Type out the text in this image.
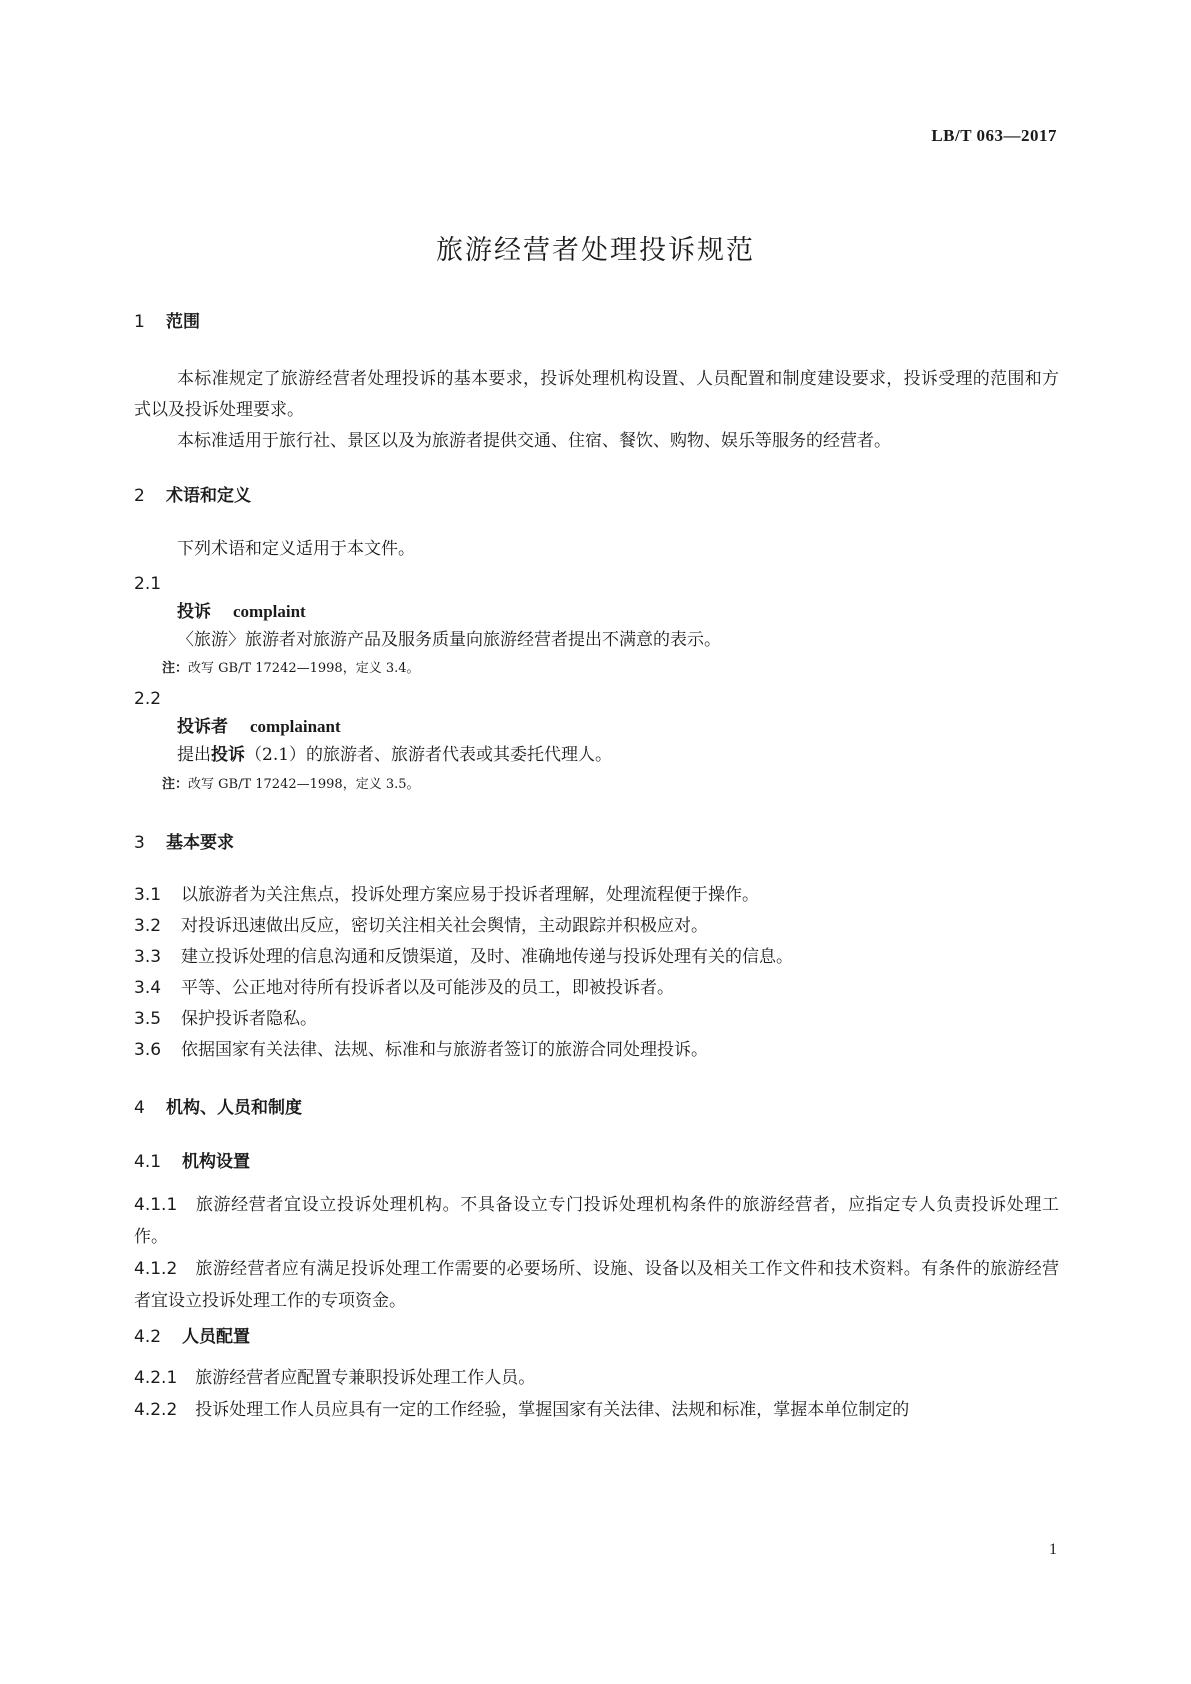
LB/T 063—2017

旅游经营者处理投诉规范

1 范围

本标准规定了旅游经营者处理投诉的基本要求，投诉处理机构设置、人员配置和制度建设要求，投诉受理的范围和方式以及投诉处理要求。

本标准适用于旅行社、景区以及为旅游者提供交通、住宿、餐饮、购物、娱乐等服务的经营者。

2 术语和定义

下列术语和定义适用于本文件。

2.1

投诉 complaint

〈旅游〉旅游者对旅游产品及服务质量向旅游经营者提出不满意的表示。

注：改写 GB/T 17242—1998，定义 3.4。

2.2

投诉者 complainant

提出投诉（2.1）的旅游者、旅游者代表或其委托代理人。

注：改写 GB/T 17242—1998，定义 3.5。

3 基本要求

3.1 以旅游者为关注焦点，投诉处理方案应易于投诉者理解，处理流程便于操作。

3.2 对投诉迅速做出反应，密切关注相关社会舆情，主动跟踪并积极应对。

3.3 建立投诉处理的信息沟通和反馈渠道，及时、准确地传递与投诉处理有关的信息。

3.4 平等、公正地对待所有投诉者以及可能涉及的员工，即被投诉者。

3.5 保护投诉者隐私。

3.6 依据国家有关法律、法规、标准和与旅游者签订的旅游合同处理投诉。

4 机构、人员和制度

4.1 机构设置

4.1.1 旅游经营者宜设立投诉处理机构。不具备设立专门投诉处理机构条件的旅游经营者，应指定专人负责投诉处理工作。

4.1.2 旅游经营者应有满足投诉处理工作需要的必要场所、设施、设备以及相关工作文件和技术资料。有条件的旅游经营者宜设立投诉处理工作的专项资金。

4.2 人员配置

4.2.1 旅游经营者应配置专兼职投诉处理工作人员。

4.2.2 投诉处理工作人员应具有一定的工作经验，掌握国家有关法律、法规和标准，掌握本单位制定的

1
